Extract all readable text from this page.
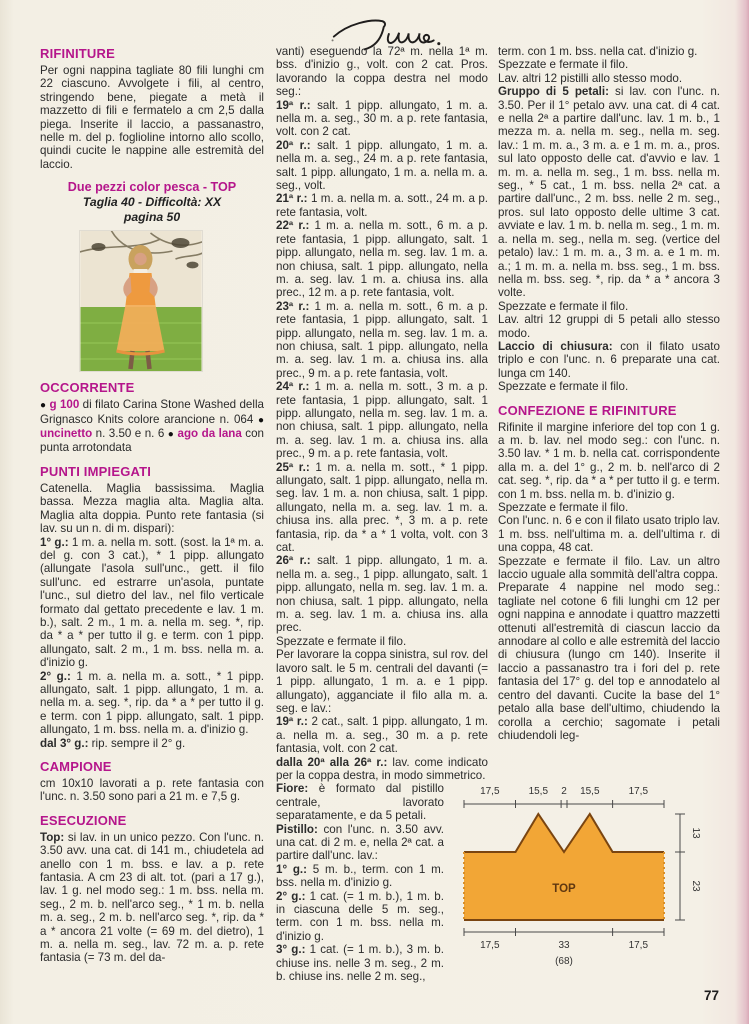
RIFINITURE

Per ogni nappina tagliate 80 fili lunghi cm 22 ciascuno. Avvolgete i fili, al centro, stringendo bene, piegate a metà il mazzetto di fili e fermatelo a cm 2,5 dalla piega. Inserite il laccio, a passanastro, nelle m. del p. foglioline intorno allo scollo, quindi cucite le nappine alle estremità del laccio.

Due pezzi color pesca - TOP
Taglia 40 - Difficoltà: XX
pagina 50
OCCORRENTE

● g 100 di filato Carina Stone Washed della Grignasco Knits colore arancione n. 064 ● uncinetto n. 3.50 e n. 6 ● ago da lana con punta arrotondata

PUNTI IMPIEGATI

Catenella. Maglia bassissima. Maglia bassa. Mezza maglia alta. Maglia alta. Maglia alta doppia. Punto rete fantasia (si lav. su un n. di m. dispari):

1° g.: 1 m. a. nella m. sott. (sost. la 1ª m. a. del g. con 3 cat.), * 1 pipp. allungato (allungate l'asola sull'unc., gett. il filo sull'unc. ed estrarre un'asola, puntate l'unc., sul dietro del lav., nel filo verticale formato dal gettato precedente e lav. 1 m. b.), salt. 2 m., 1 m. a. nella m. seg. *, rip. da * a * per tutto il g. e term. con 1 pipp. allungato, salt. 2 m., 1 m. bss. nella m. a. d'inizio g.

2° g.: 1 m. a. nella m. a. sott., * 1 pipp. allungato, salt. 1 pipp. allungato, 1 m. a. nella m. a. seg. *, rip. da * a * per tutto il g. e term. con 1 pipp. allungato, salt. 1 pipp. allungato, 1 m. bss. nella m. a. d'inizio g.

dal 3° g.: rip. sempre il 2° g.

CAMPIONE

cm 10x10 lavorati a p. rete fantasia con l'unc. n. 3.50 sono pari a 21 m. e 7,5 g.

ESECUZIONE

Top: si lav. in un unico pezzo. Con l'unc. n. 3.50 avv. una cat. di 141 m., chiudetela ad anello con 1 m. bss. e lav. a p. rete fantasia. A cm 23 di alt. tot. (pari a 17 g.), lav. 1 g. nel modo seg.: 1 m. bss. nella m. seg., 2 m. b. nell'arco seg., * 1 m. b. nella m. a. seg., 2 m. b. nell'arco seg. *, rip. da * a * ancora 21 volte (= 69 m. del dietro), 1 m. a. nella m. seg., lav. 72 m. a. p. rete fantasia (= 73 m. del da-

vanti) eseguendo la 72ª m. nella 1ª m. bss. d'inizio g., volt. con 2 cat. Pros. lavorando la coppa destra nel modo seg.:

19ª r.: salt. 1 pipp. allungato, 1 m. a. nella m. a. seg., 30 m. a p. rete fantasia, volt. con 2 cat.

20ª r.: salt. 1 pipp. allungato, 1 m. a. nella m. a. seg., 24 m. a p. rete fantasia, salt. 1 pipp. allungato, 1 m. a. nella m. a. seg., volt.

21ª r.: 1 m. a. nella m. a. sott., 24 m. a p. rete fantasia, volt.

22ª r.: 1 m. a. nella m. sott., 6 m. a p. rete fantasia, 1 pipp. allungato, salt. 1 pipp. allungato, nella m. seg. lav. 1 m. a. non chiusa, salt. 1 pipp. allungato, nella m. a. seg. lav. 1 m. a. chiusa ins. alla prec., 12 m. a p. rete fantasia, volt.

23ª r.: 1 m. a. nella m. sott., 6 m. a p. rete fantasia, 1 pipp. allungato, salt. 1 pipp. allungato, nella m. seg. lav. 1 m. a. non chiusa, salt. 1 pipp. allungato, nella m. a. seg. lav. 1 m. a. chiusa ins. alla prec., 9 m. a p. rete fantasia, volt.

24ª r.: 1 m. a. nella m. sott., 3 m. a p. rete fantasia, 1 pipp. allungato, salt. 1 pipp. allungato, nella m. seg. lav. 1 m. a. non chiusa, salt. 1 pipp. allungato, nella m. a. seg. lav. 1 m. a. chiusa ins. alla prec., 9 m. a p. rete fantasia, volt.

25ª r.: 1 m. a. nella m. sott., * 1 pipp. allungato, salt. 1 pipp. allungato, nella m. seg. lav. 1 m. a. non chiusa, salt. 1 pipp. allungato, nella m. a. seg. lav. 1 m. a. chiusa ins. alla prec. *, 3 m. a p. rete fantasia, rip. da * a * 1 volta, volt. con 3 cat.

26ª r.: salt. 1 pipp. allungato, 1 m. a. nella m. a. seg., 1 pipp. allungato, salt. 1 pipp. allungato, nella m. seg. lav. 1 m. a. non chiusa, salt. 1 pipp. allungato, nella m. a. seg. lav. 1 m. a. chiusa ins. alla prec.

Spezzate e fermate il filo.

Per lavorare la coppa sinistra, sul rov. del lavoro salt. le 5 m. centrali del davanti (= 1 pipp. allungato, 1 m. a. e 1 pipp. allungato), agganciate il filo alla m. a. seg. e lav.:

19ª r.: 2 cat., salt. 1 pipp. allungato, 1 m. a. nella m. a. seg., 30 m. a p. rete fantasia, volt. con 2 cat.

dalla 20ª alla 26ª r.: lav. come indicato per la coppa destra, in modo simmetrico.

Fiore: è formato dal pistillo centrale, lavorato separatamente, e da 5 petali.

Pistillo: con l'unc. n. 3.50 avv. una cat. di 2 m. e, nella 2ª cat. a partire dall'unc. lav.:

1° g.: 5 m. b., term. con 1 m. bss. nella m. d'inizio g.

2° g.: 1 cat. (= 1 m. b.), 1 m. b. in ciascuna delle 5 m. seg., term. con 1 m. bss. nella m. d'inizio g.

3° g.: 1 cat. (= 1 m. b.), 3 m. b. chiuse ins. nelle 3 m. seg., 2 m. b. chiuse ins. nelle 2 m. seg.,

term. con 1 m. bss. nella cat. d'inizio g.

Spezzate e fermate il filo.

Lav. altri 12 pistilli allo stesso modo.

Gruppo di 5 petali: si lav. con l'unc. n. 3.50. Per il 1° petalo avv. una cat. di 4 cat. e nella 2ª a partire dall'unc. lav. 1 m. b., 1 mezza m. a. nella m. seg., nella m. seg. lav.: 1 m. m. a., 3 m. a. e 1 m. m. a., pros. sul lato opposto delle cat. d'avvio e lav. 1 m. m. a. nella m. seg., 1 m. bss. nella m. seg., * 5 cat., 1 m. bss. nella 2ª cat. a partire dall'unc., 2 m. bss. nelle 2 m. seg., pros. sul lato opposto delle ultime 3 cat. avviate e lav. 1 m. b. nella m. seg., 1 m. m. a. nella m. seg., nella m. seg. (vertice del petalo) lav.: 1 m. m. a., 3 m. a. e 1 m. m. a.; 1 m. m. a. nella m. bss. seg., 1 m. bss. nella m. bss. seg. *, rip. da * a * ancora 3 volte.

Spezzate e fermate il filo.

Lav. altri 12 gruppi di 5 petali allo stesso modo.

Laccio di chiusura: con il filato usato triplo e con l'unc. n. 6 preparate una cat. lunga cm 140.

Spezzate e fermate il filo.

CONFEZIONE E RIFINITURE

Rifinite il margine inferiore del top con 1 g. a m. b. lav. nel modo seg.: con l'unc. n. 3.50 lav. * 1 m. b. nella cat. corrispondente alla m. a. del 1° g., 2 m. b. nell'arco di 2 cat. seg. *, rip. da * a * per tutto il g. e term. con 1 m. bss. nella m. b. d'inizio g.

Spezzate e fermate il filo.

Con l'unc. n. 6 e con il filato usato triplo lav. 1 m. bss. nell'ultima m. a. dell'ultima r. di una coppa, 48 cat.

Spezzate e fermate il filo. Lav. un altro laccio uguale alla sommità dell'altra coppa.

Preparate 4 nappine nel modo seg.: tagliate nel cotone 6 fili lunghi cm 12 per ogni nappina e annodate i quattro mazzetti ottenuti all'estremità di ciascun laccio da annodare al collo e alle estremità del laccio di chiusura (lungo cm 140). Inserite il laccio a passanastro tra i fori del p. rete fantasia del 17° g. del top e annodatelo al centro del davanti. Cucite la base del 1° petalo alla base dell'ultimo, chiudendo la corolla a cerchio; sagomate i petali chiudendoli leg-

17,5	15,5 2 15,5	17,5
TOP
13
23
17,5	33	17,5
(68)
77
